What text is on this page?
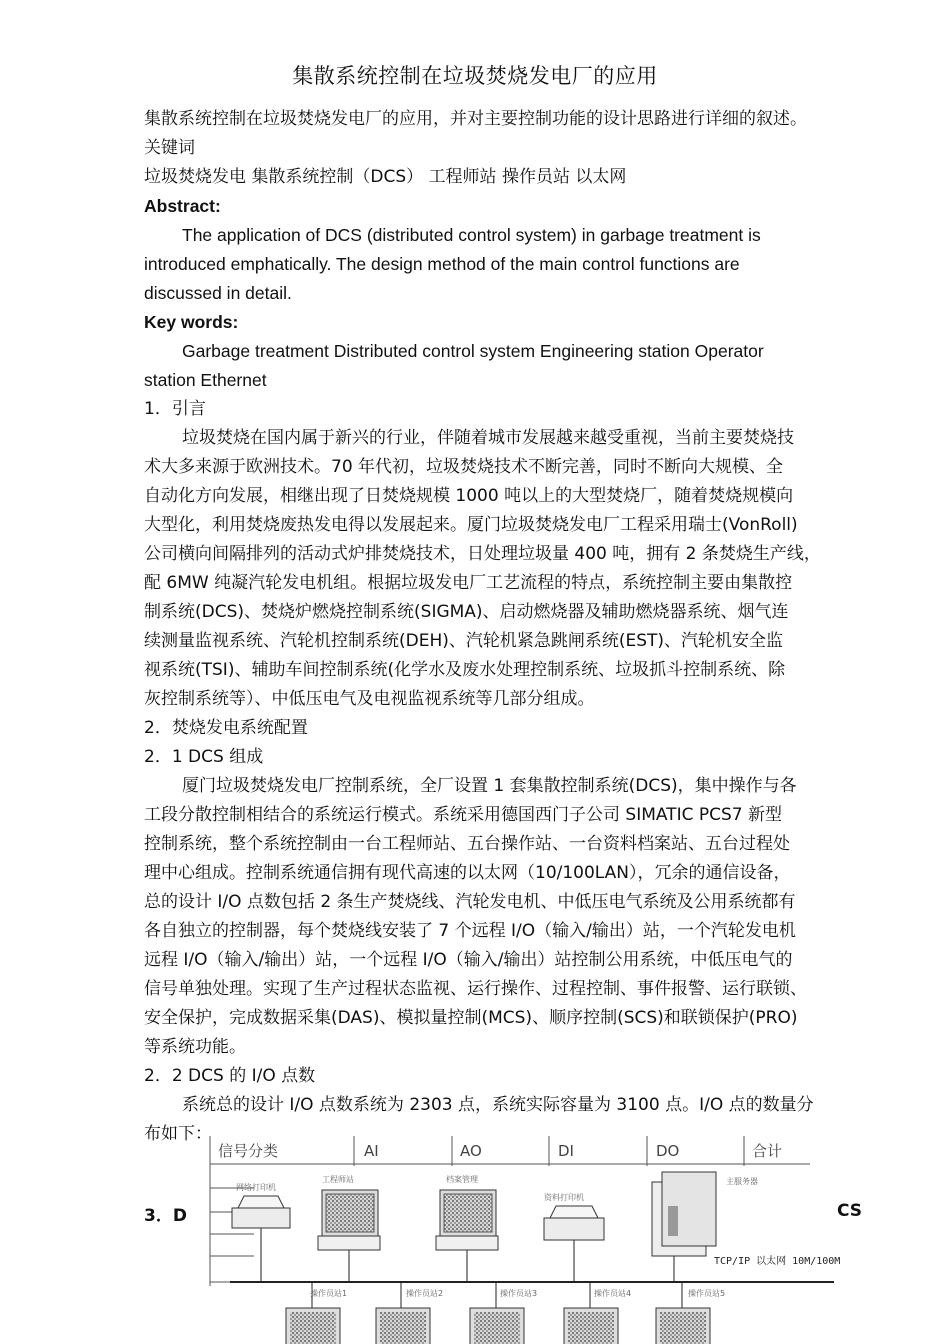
集散系统控制在垃圾焚烧发电厂的应用
集散系统控制在垃圾焚烧发电厂的应用，并对主要控制功能的设计思路进行详细的叙述。
关键词
垃圾焚烧发电 集散系统控制（DCS） 工程师站 操作员站 以太网
Abstract:
The application of DCS (distributed control system) in garbage treatment is
introduced emphatically. The design method of the main control functions are
discussed in detail.
Key words:
Garbage treatment Distributed control system Engineering station Operator
station Ethernet
1．引言
垃圾焚烧在国内属于新兴的行业，伴随着城市发展越来越受重视，当前主要焚烧技
术大多来源于欧洲技术。70 年代初，垃圾焚烧技术不断完善，同时不断向大规模、全
自动化方向发展，相继出现了日焚烧规模 1000 吨以上的大型焚烧厂，随着焚烧规模向
大型化，利用焚烧废热发电得以发展起来。厦门垃圾焚烧发电厂工程采用瑞士(VonRoll)
公司横向间隔排列的活动式炉排焚烧技术，日处理垃圾量 400 吨，拥有 2 条焚烧生产线，
配 6MW 纯凝汽轮发电机组。根据垃圾发电厂工艺流程的特点，系统控制主要由集散控
制系统(DCS)、焚烧炉燃烧控制系统(SIGMA)、启动燃烧器及辅助燃烧器系统、烟气连
续测量监视系统、汽轮机控制系统(DEH)、汽轮机紧急跳闸系统(EST)、汽轮机安全监
视系统(TSI)、辅助车间控制系统(化学水及废水处理控制系统、垃圾抓斗控制系统、除
灰控制系统等）、中低压电气及电视监视系统等几部分组成。
2．焚烧发电系统配置
2．1 DCS 组成
厦门垃圾焚烧发电厂控制系统，全厂设置 1 套集散控制系统(DCS)，集中操作与各
工段分散控制相结合的系统运行模式。系统采用德国西门子公司 SIMATIC PCS7 新型
控制系统，整个系统控制由一台工程师站、五台操作站、一台资料档案站、五台过程处
理中心组成。控制系统通信拥有现代高速的以太网（10/100LAN），冗余的通信设备，
总的设计 I/O 点数包括 2 条生产焚烧线、汽轮发电机、中低压电气系统及公用系统都有
各自独立的控制器，每个焚烧线安装了 7 个远程 I/O（输入/输出）站，一个汽轮发电机
远程 I/O（输入/输出）站，一个远程 I/O（输入/输出）站控制公用系统，中低压电气的
信号单独处理。实现了生产过程状态监视、运行操作、过程控制、事件报警、运行联锁、
安全保护，完成数据采集(DAS)、模拟量控制(MCS)、顺序控制(SCS)和联锁保护(PRO)
等系统功能。
2．2 DCS 的 I/O 点数
系统总的设计 I/O 点数系统为 2303 点，系统实际容量为 3100 点。I/O 点的数量分
布如下：
信号分类	AI	AO	DI	DO	合计
TCP/IP 以太网 10M/100M
网络打印机
工程师站	档案管理
资料打印机
主服务器
操作员站1	操作员站2	操作员站3	操作员站4	操作员站5
3．D	CS
